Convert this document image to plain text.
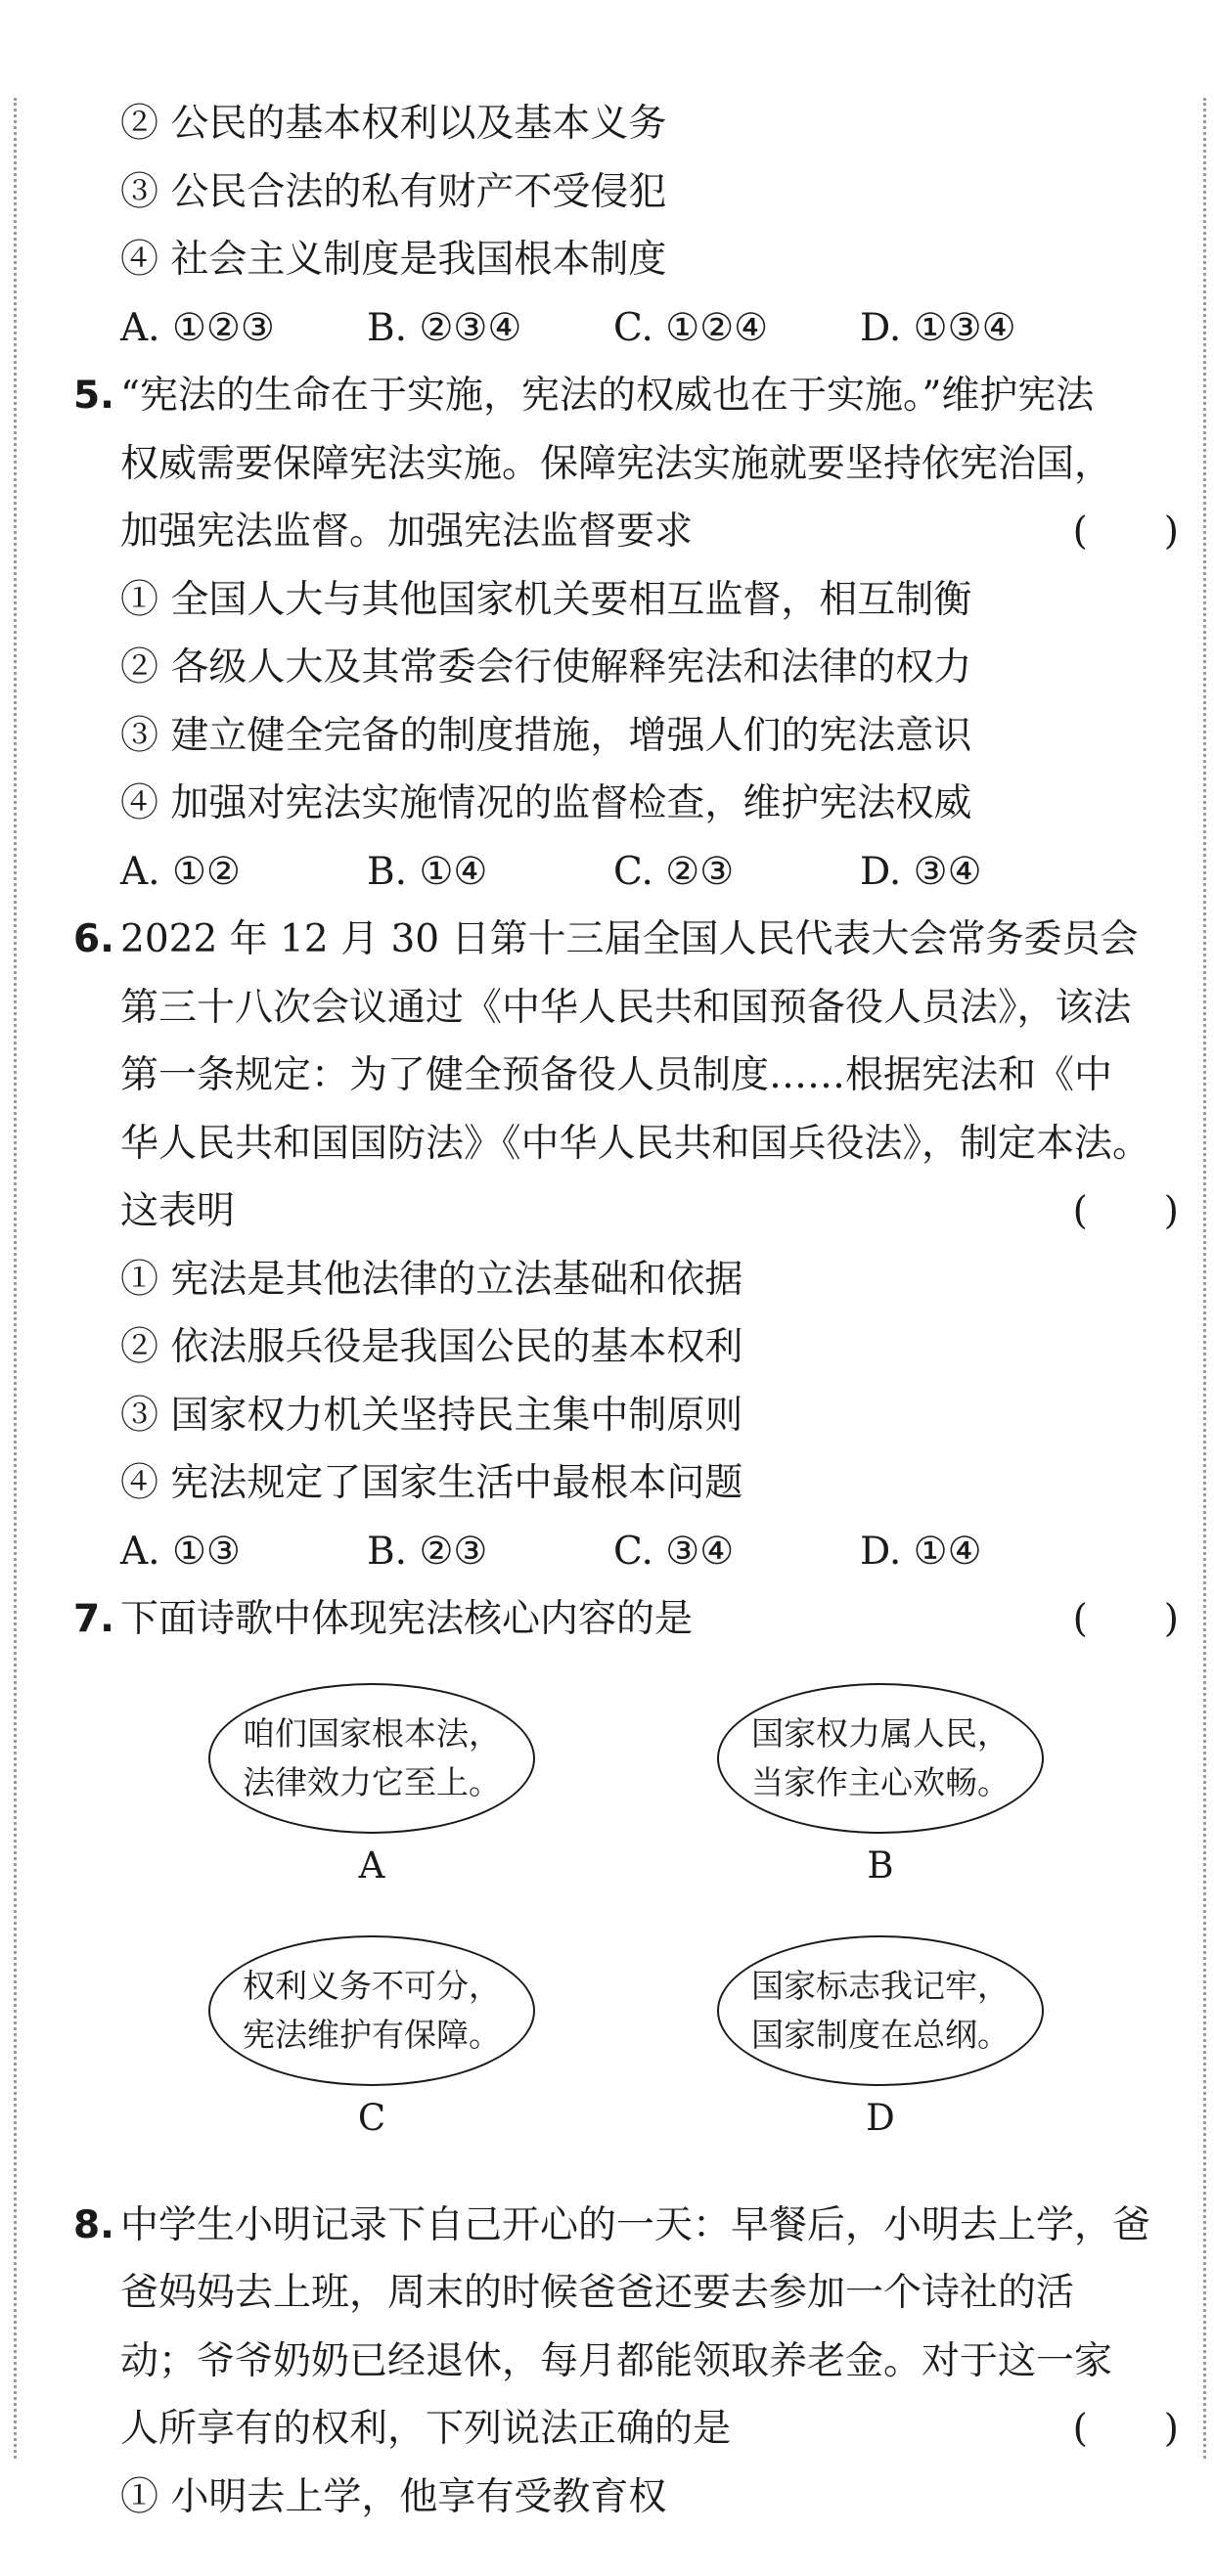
② 公民的基本权利以及基本义务
③ 公民合法的私有财产不受侵犯
④ 社会主义制度是我国根本制度
A. ①②③	B. ②③④	C. ①②④	D. ①③④
5. “宪法的生命在于实施，宪法的权威也在于实施。”维护宪法
权威需要保障宪法实施。保障宪法实施就要坚持依宪治国，
加强宪法监督。加强宪法监督要求	(　　)
① 全国人大与其他国家机关要相互监督，相互制衡
② 各级人大及其常委会行使解释宪法和法律的权力
③ 建立健全完备的制度措施，增强人们的宪法意识
④ 加强对宪法实施情况的监督检查，维护宪法权威
A. ①②	B. ①④	C. ②③	D. ③④
6. 2022 年 12 月 30 日第十三届全国人民代表大会常务委员会
第三十八次会议通过《中华人民共和国预备役人员法》，该法
第一条规定：为了健全预备役人员制度……根据宪法和《中
华人民共和国国防法》《中华人民共和国兵役法》，制定本法。
这表明	(　　)
① 宪法是其他法律的立法基础和依据
② 依法服兵役是我国公民的基本权利
③ 国家权力机关坚持民主集中制原则
④ 宪法规定了国家生活中最根本问题
A. ①③	B. ②③	C. ③④	D. ①④
7. 下面诗歌中体现宪法核心内容的是	(　　)
咱们国家根本法，
法律效力它至上。
A
国家权力属人民，
当家作主心欢畅。
B
权利义务不可分，
宪法维护有保障。
C
国家标志我记牢，
国家制度在总纲。
D
8. 中学生小明记录下自己开心的一天：早餐后，小明去上学，爸
爸妈妈去上班，周末的时候爸爸还要去参加一个诗社的活
动；爷爷奶奶已经退休，每月都能领取养老金。对于这一家
人所享有的权利，下列说法正确的是	(　　)
① 小明去上学，他享有受教育权
